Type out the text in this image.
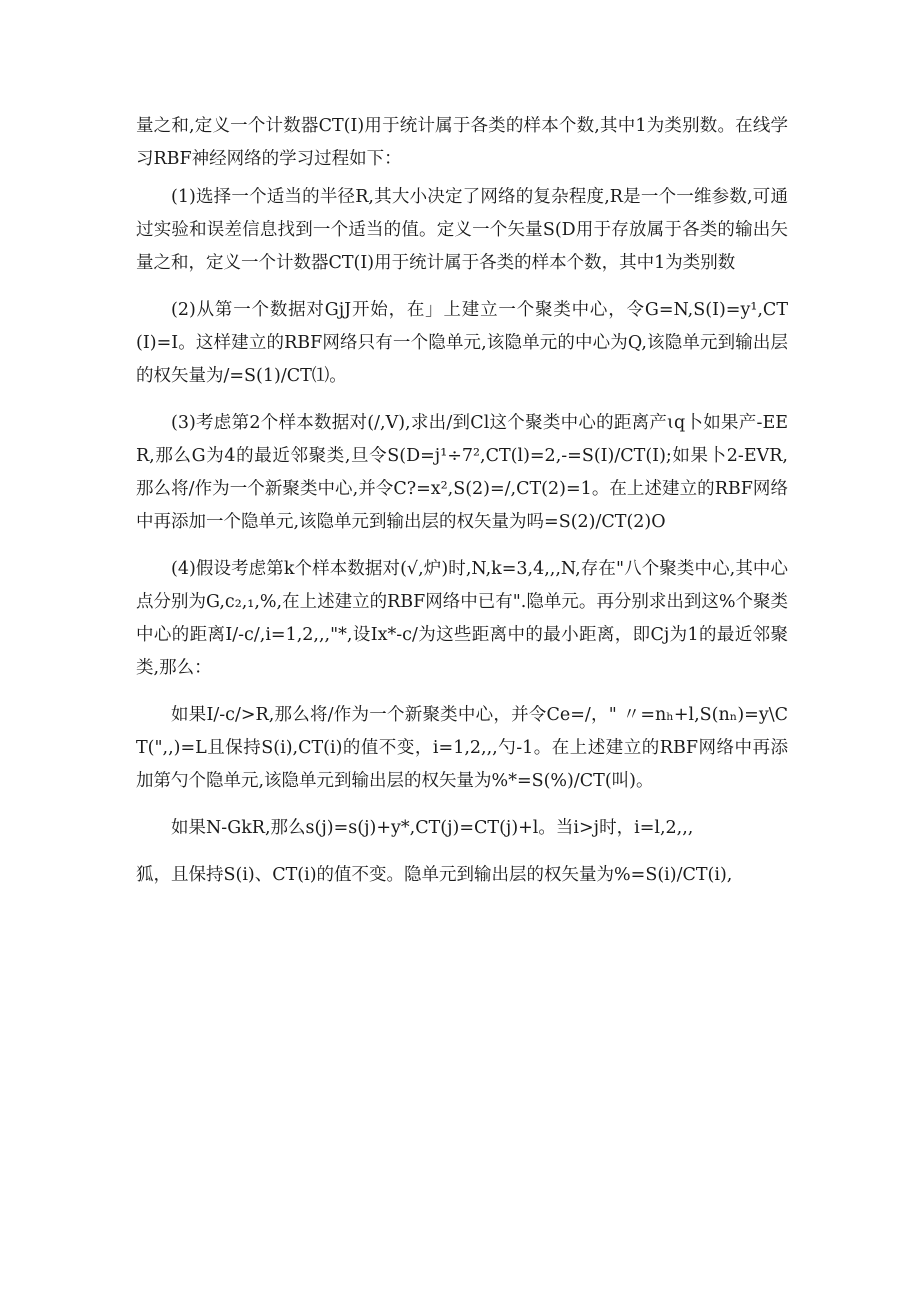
量之和,定义一个计数器CT(I)用于统计属于各类的样本个数,其中1为类别数。在线学习RBF神经网络的学习过程如下：

(1)选择一个适当的半径R,其大小决定了网络的复杂程度,R是一个一维参数,可通过实验和误差信息找到一个适当的值。定义一个矢量S(D用于存放属于各类的输出矢量之和，定义一个计数器CT(I)用于统计属于各类的样本个数，其中1为类别数

(2)从第一个数据对GjJ开始，在」上建立一个聚类中心，令G=N,S(I)=y¹,CT(I)=I。这样建立的RBF网络只有一个隐单元,该隐单元的中心为Q,该隐单元到输出层的权矢量为/=S(1)/CT⑴。

(3)考虑第2个样本数据对(/,V),求出/到Cl这个聚类中心的距离产ɩq卜如果产-EER,那么G为4的最近邻聚类,旦令S(D=j¹÷7²,CT(l)=2,-=S(I)/CT(I);如果卜2-EVR,那么将/作为一个新聚类中心,并令C?=x²,S(2)=/,CT(2)=1。在上述建立的RBF网络中再添加一个隐单元,该隐单元到输出层的权矢量为吗=S(2)/CT(2)O

(4)假设考虑第k个样本数据对(√,炉)时,N,k=3,4,,,N,存在"八个聚类中心,其中心点分别为G,c₂,₁,%,在上述建立的RBF网络中已有".隐单元。再分别求出到这%个聚类中心的距离I/-c/,i=1,2,,,"*,设Ix*-c/为这些距离中的最小距离，即Cj为1的最近邻聚类,那么：

如果I/-c/>R,那么将/作为一个新聚类中心，并令Ce=/，" 〃=nₕ+l,S(nₙ)=y\CT(",,)=L且保持S(i),CT(i)的值不变，i=1,2,,,勺-1。在上述建立的RBF网络中再添加第勺个隐单元,该隐单元到输出层的权矢量为%*=S(%)/CT(叫)。

如果N-GkR,那么s(j)=s(j)+y*,CT(j)=CT(j)+l。当i>j时，i=l,2,,,

狐，且保持S(i)、CT(i)的值不变。隐单元到输出层的权矢量为%=S(i)/CT(i),
